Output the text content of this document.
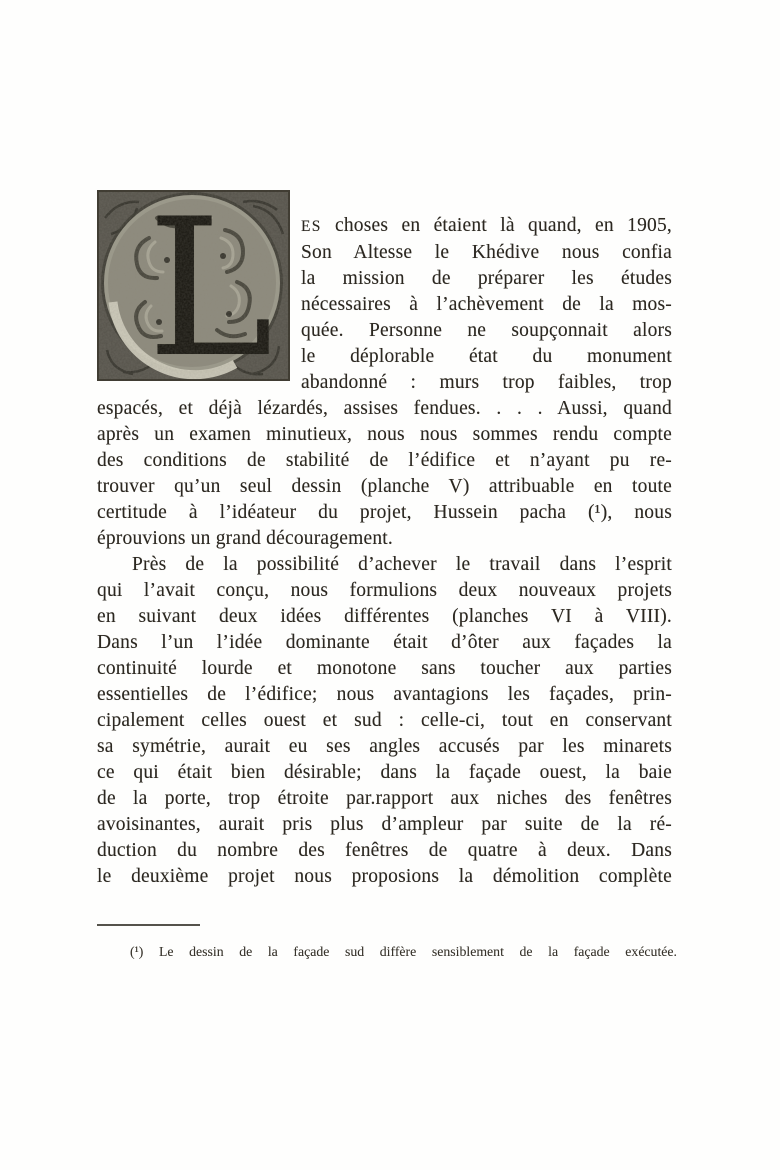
ES choses en étaient là quand, en 1905,
Son Altesse le Khédive nous confia
la mission de préparer les études
nécessaires à l’achèvement de la mos-
quée. Personne ne soupçonnait alors
le déplorable état du monument
abandonné : murs trop faibles, trop
espacés, et déjà lézardés, assises fendues. . . . Aussi, quand
après un examen minutieux, nous nous sommes rendu compte
des conditions de stabilité de l’édifice et n’ayant pu re-
trouver qu’un seul dessin (planche V) attribuable en toute
certitude à l’idéateur du projet, Hussein pacha (¹), nous
éprouvions un grand découragement.
Près de la possibilité d’achever le travail dans l’esprit
qui l’avait conçu, nous formulions deux nouveaux projets
en suivant deux idées différentes (planches VI à VIII).
Dans l’un l’idée dominante était d’ôter aux façades la
continuité lourde et monotone sans toucher aux parties
essentielles de l’édifice; nous avantagions les façades, prin-
cipalement celles ouest et sud : celle-ci, tout en conservant
sa symétrie, aurait eu ses angles accusés par les minarets
ce qui était bien désirable; dans la façade ouest, la baie
de la porte, trop étroite par.rapport aux niches des fenêtres
avoisinantes, aurait pris plus d’ampleur par suite de la ré-
duction du nombre des fenêtres de quatre à deux. Dans
le deuxième projet nous proposions la démolition complète
(¹) Le dessin de la façade sud diffère sensiblement de la façade exécutée.
